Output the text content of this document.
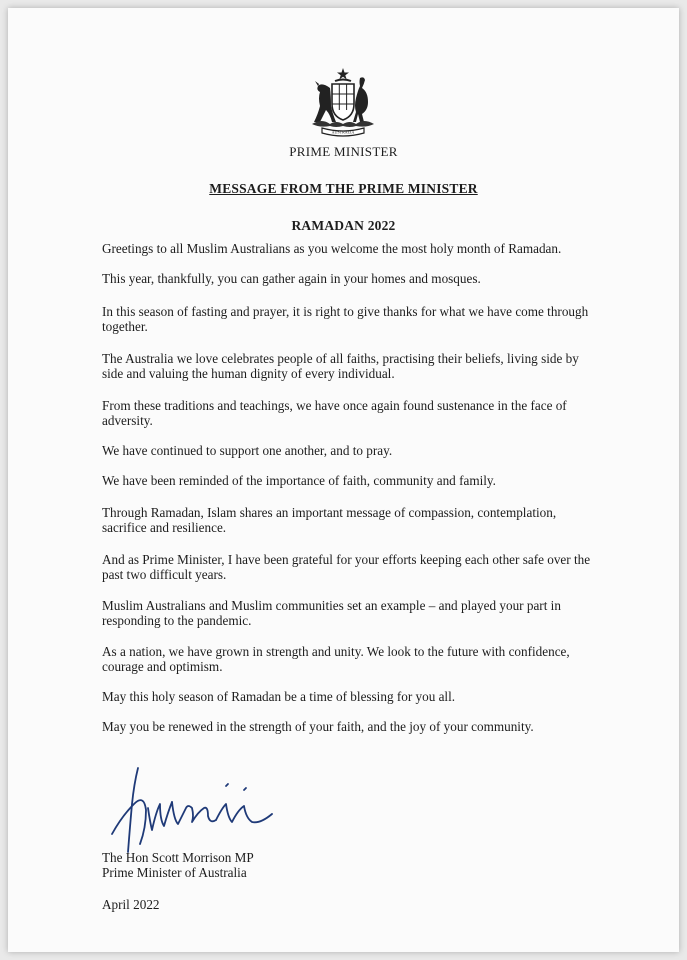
AUSTRALIA
PRIME MINISTER
MESSAGE FROM THE PRIME MINISTER
RAMADAN 2022

Greetings to all Muslim Australians as you welcome the most holy month of Ramadan.

This year, thankfully, you can gather again in your homes and mosques.

In this season of fasting and prayer, it is right to give thanks for what we have come through together.

The Australia we love celebrates people of all faiths, practising their beliefs, living side by side and valuing the human dignity of every individual.

From these traditions and teachings, we have once again found sustenance in the face of adversity.

We have continued to support one another, and to pray.

We have been reminded of the importance of faith, community and family.

Through Ramadan, Islam shares an important message of compassion, contemplation, sacrifice and resilience.

And as Prime Minister, I have been grateful for your efforts keeping each other safe over the past two difficult years.

Muslim Australians and Muslim communities set an example – and played your part in responding to the pandemic.

As a nation, we have grown in strength and unity. We look to the future with confidence, courage and optimism.

May this holy season of Ramadan be a time of blessing for you all.

May you be renewed in the strength of your faith, and the joy of your community.

The Hon Scott Morrison MP
Prime Minister of Australia
April 2022
